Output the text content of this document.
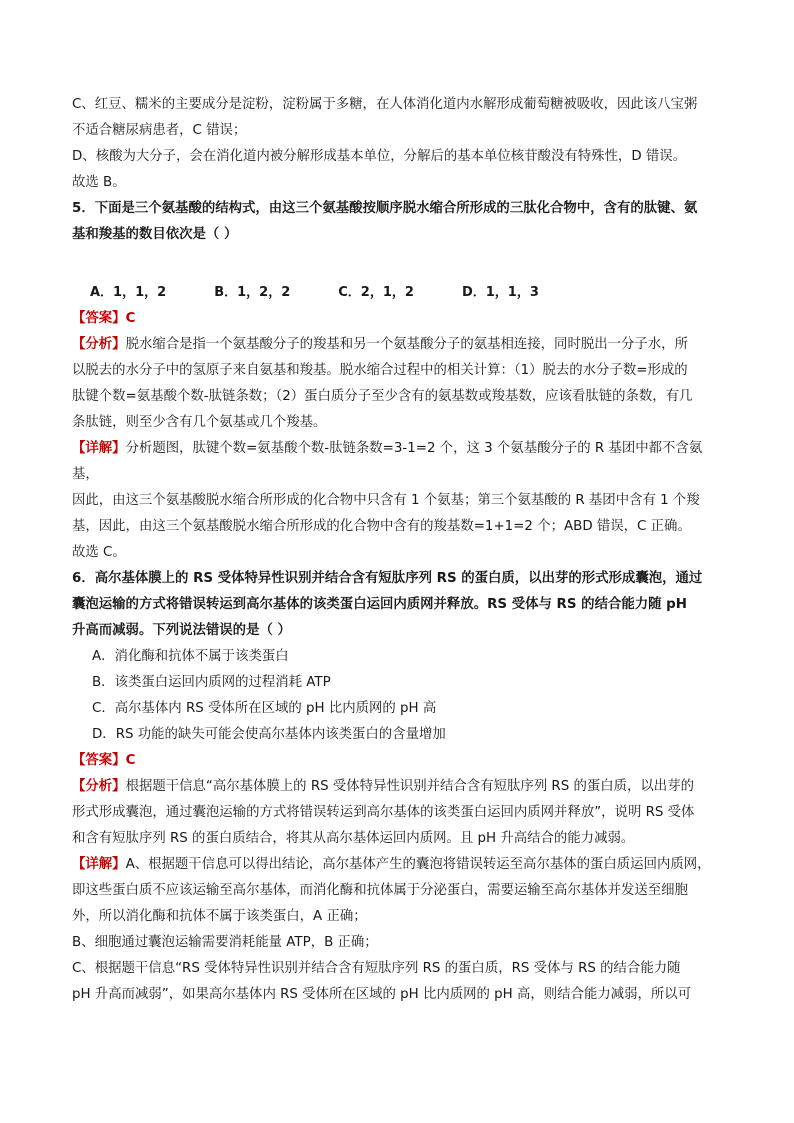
C、红豆、糯米的主要成分是淀粉，淀粉属于多糖，在人体消化道内水解形成葡萄糖被吸收，因此该八宝粥

不适合糖尿病患者，C 错误；

D、核酸为大分子，会在消化道内被分解形成基本单位，分解后的基本单位核苷酸没有特殊性，D 错误。

故选 B。

5．下面是三个氨基酸的结构式，由这三个氨基酸按顺序脱水缩合所形成的三肽化合物中，含有的肽键、氨

基和羧基的数目依次是（ ）

A．1，1，2	B．1，2，2	C．2，1，2	D．1，1，3

【答案】C

【分析】脱水缩合是指一个氨基酸分子的羧基和另一个氨基酸分子的氨基相连接，同时脱出一分子水，所

以脱去的水分子中的氢原子来自氨基和羧基。脱水缩合过程中的相关计算：（1）脱去的水分子数=形成的

肽键个数=氨基酸个数-肽链条数；（2）蛋白质分子至少含有的氨基数或羧基数，应该看肽链的条数，有几

条肽链，则至少含有几个氨基或几个羧基。

【详解】分析题图，肽键个数=氨基酸个数-肽链条数=3-1=2 个，这 3 个氨基酸分子的 R 基团中都不含氨基，

因此，由这三个氨基酸脱水缩合所形成的化合物中只含有 1 个氨基；第三个氨基酸的 R 基团中含有 1 个羧

基，因此，由这三个氨基酸脱水缩合所形成的化合物中含有的羧基数=1+1=2 个；ABD 错误，C 正确。

故选 C。

6．高尔基体膜上的 RS 受体特异性识别并结合含有短肽序列 RS 的蛋白质，以出芽的形式形成囊泡，通过

囊泡运输的方式将错误转运到高尔基体的该类蛋白运回内质网并释放。RS 受体与 RS 的结合能力随 pH

升高而减弱。下列说法错误的是（ ）

A．消化酶和抗体不属于该类蛋白

B．该类蛋白运回内质网的过程消耗 ATP

C．高尔基体内 RS 受体所在区域的 pH 比内质网的 pH 高

D．RS 功能的缺失可能会使高尔基体内该类蛋白的含量增加

【答案】C

【分析】根据题干信息“高尔基体膜上的 RS 受体特异性识别并结合含有短肽序列 RS 的蛋白质，以出芽的

形式形成囊泡，通过囊泡运输的方式将错误转运到高尔基体的该类蛋白运回内质网并释放”，说明 RS 受体

和含有短肽序列 RS 的蛋白质结合，将其从高尔基体运回内质网。且 pH 升高结合的能力减弱。

【详解】A、根据题干信息可以得出结论，高尔基体产生的囊泡将错误转运至高尔基体的蛋白质运回内质网，

即这些蛋白质不应该运输至高尔基体，而消化酶和抗体属于分泌蛋白，需要运输至高尔基体并发送至细胞

外，所以消化酶和抗体不属于该类蛋白，A 正确；

B、细胞通过囊泡运输需要消耗能量 ATP，B 正确；

C、根据题干信息“RS 受体特异性识别并结合含有短肽序列 RS 的蛋白质，RS 受体与 RS 的结合能力随

pH 升高而减弱”，如果高尔基体内 RS 受体所在区域的 pH 比内质网的 pH 高，则结合能力减弱，所以可
